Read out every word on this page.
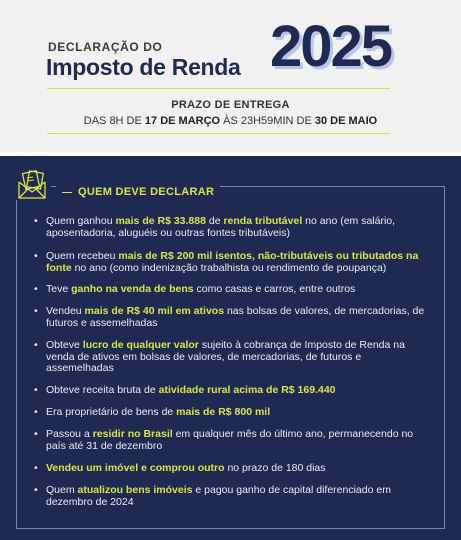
DECLARAÇÃO DO
Imposto de Renda 2025
PRAZO DE ENTREGA
DAS 8H DE 17 DE MARÇO ÀS 23H59MIN DE 30 DE MAIO
QUEM DEVE DECLARAR
• Quem ganhou mais de R$ 33.888 de renda tributável no ano (em salário, aposentadoria, aluguéis ou outras fontes tributáveis)
• Quem recebeu mais de R$ 200 mil isentos, não-tributáveis ou tributados na fonte no ano (como indenização trabalhista ou rendimento de poupança)
• Teve ganho na venda de bens como casas e carros, entre outros
• Vendeu mais de R$ 40 mil em ativos nas bolsas de valores, de mercadorias, de futuros e assemelhadas
• Obteve lucro de qualquer valor sujeito à cobrança de Imposto de Renda na venda de ativos em bolsas de valores, de mercadorias, de futuros e assemelhadas
• Obteve receita bruta de atividade rural acima de R$ 169.440
• Era proprietário de bens de mais de R$ 800 mil
• Passou a residir no Brasil em qualquer mês do último ano, permanecendo no país até 31 de dezembro
• Vendeu um imóvel e comprou outro no prazo de 180 dias
• Quem atualizou bens imóveis e pagou ganho de capital diferenciado em dezembro de 2024
